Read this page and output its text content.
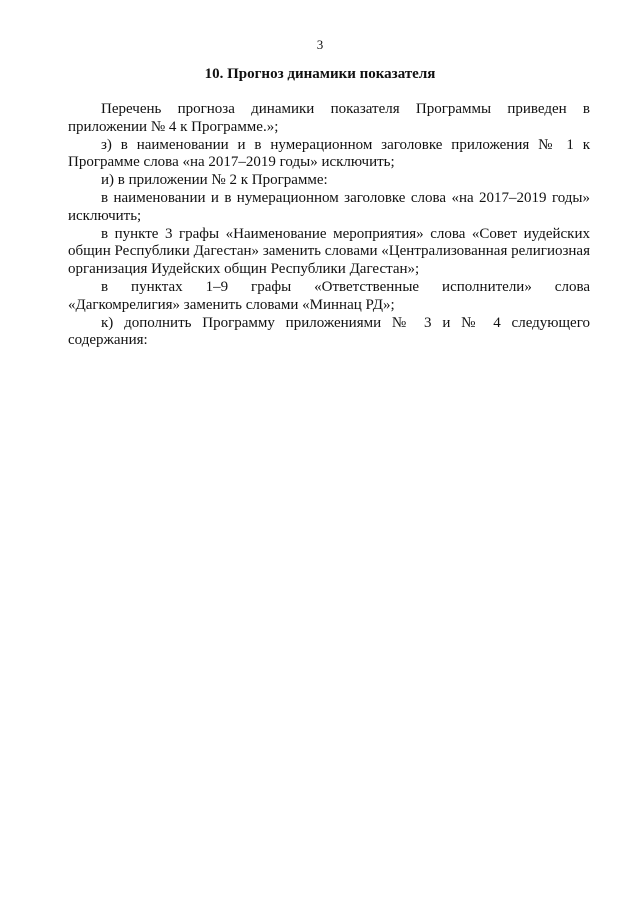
3
10. Прогноз динамики показателя

Перечень прогноза динамики показателя Программы приведен в приложении № 4 к Программе.»;

з) в наименовании и в нумерационном заголовке приложения № 1 к Программе слова «на 2017–2019 годы» исключить;

и) в приложении № 2 к Программе:

в наименовании и в нумерационном заголовке слова «на 2017–2019 годы» исключить;

в пункте 3 графы «Наименование мероприятия» слова «Совет иудейских общин Республики Дагестан» заменить словами «Централизованная религиозная организация Иудейских общин Республики Дагестан»;

в пунктах 1–9 графы «Ответственные исполнители» слова «Дагкомрелигия» заменить словами «Миннац РД»;

к) дополнить Программу приложениями № 3 и № 4 следующего содержания:
